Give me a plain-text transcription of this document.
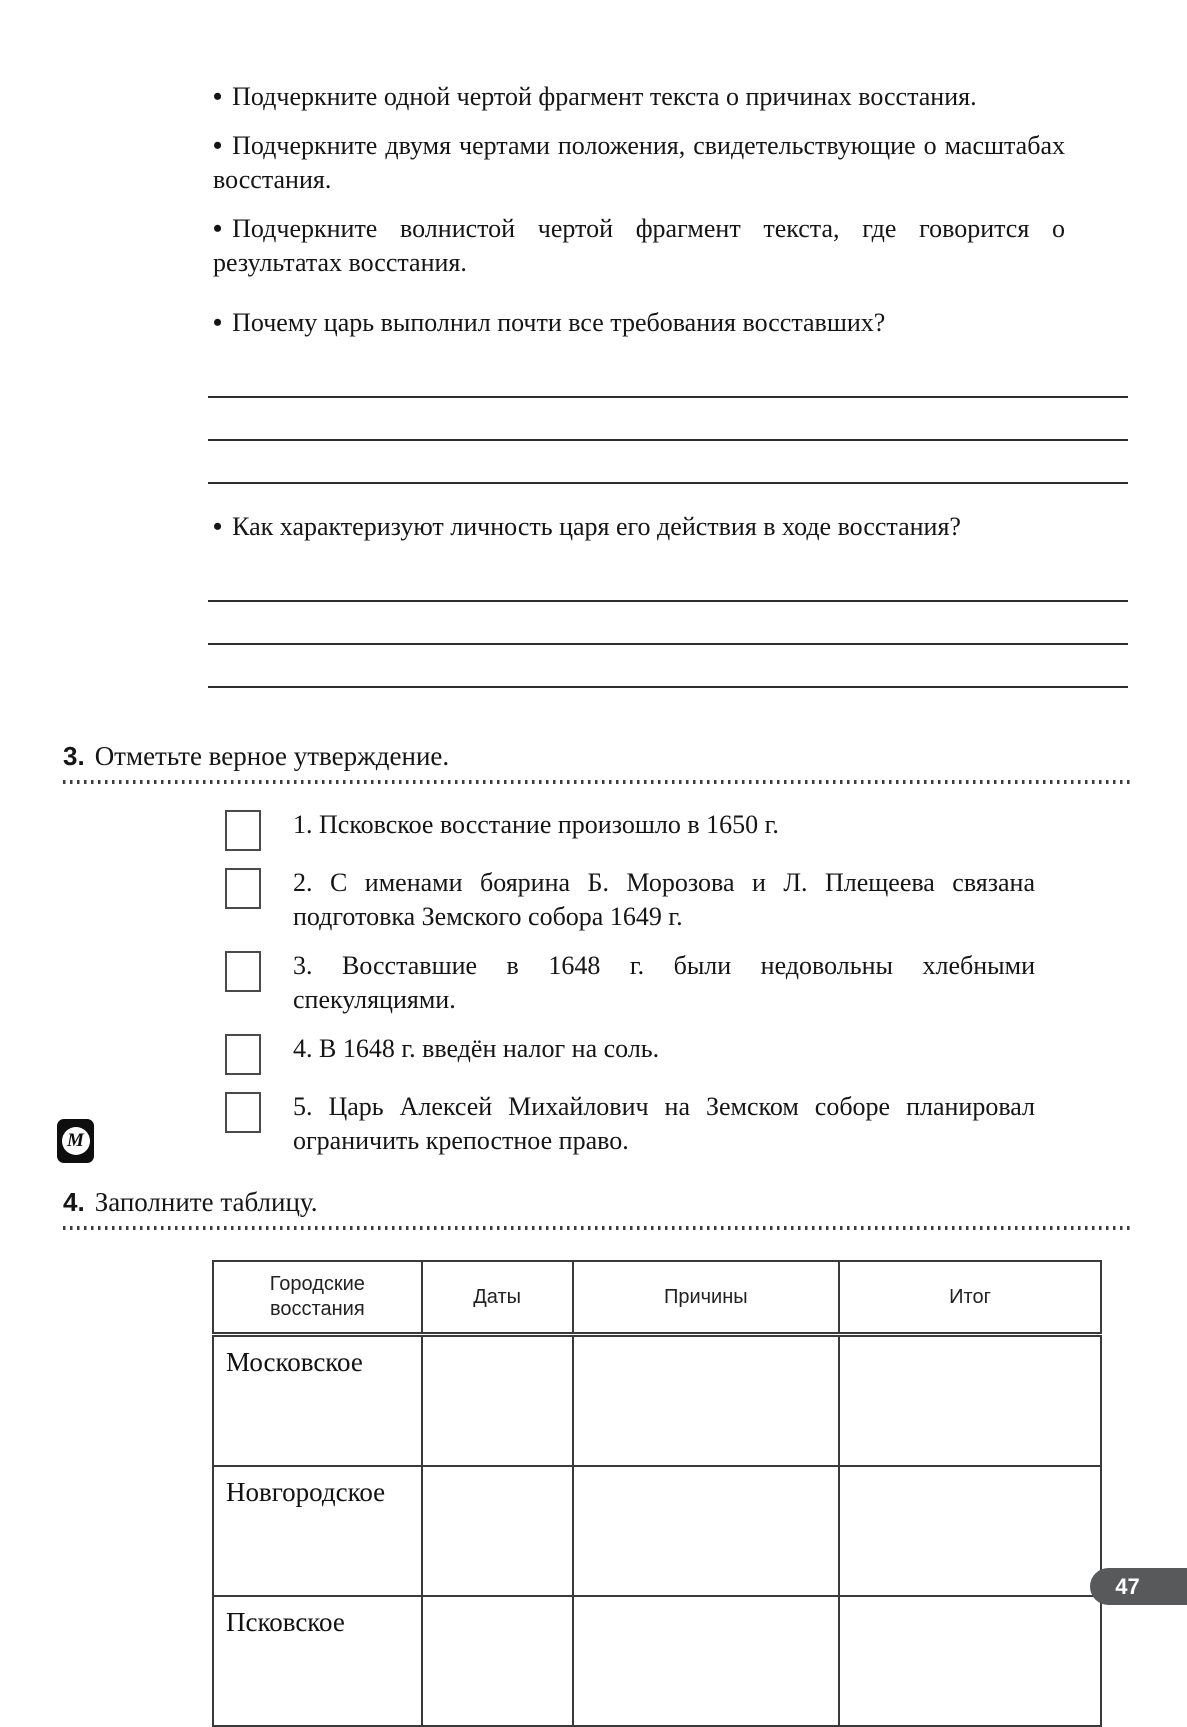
• Подчеркните одной чертой фрагмент текста о причинах восстания.

• Подчеркните двумя чертами положения, свидетельствующие о масштабах восстания.

• Подчеркните волнистой чертой фрагмент текста, где говорится о результатах восстания.

• Почему царь выполнил почти все требования восставших?

• Как характеризуют личность царя его действия в ходе восстания?

3. Отметьте верное утверждение.

1. Псковское восстание произошло в 1650 г.

2. С именами боярина Б. Морозова и Л. Плещеева связана подготовка Земского собора 1649 г.

3. Восставшие в 1648 г. были недовольны хлебными спекуляциями.

4. В 1648 г. введён налог на соль.

5. Царь Алексей Михайлович на Земском соборе планировал ограничить крепостное право.

4. Заполните таблицу.
Городские восстания	Даты	Причины	Итог
Московское			
Новгородское			
Псковское			
M
47
